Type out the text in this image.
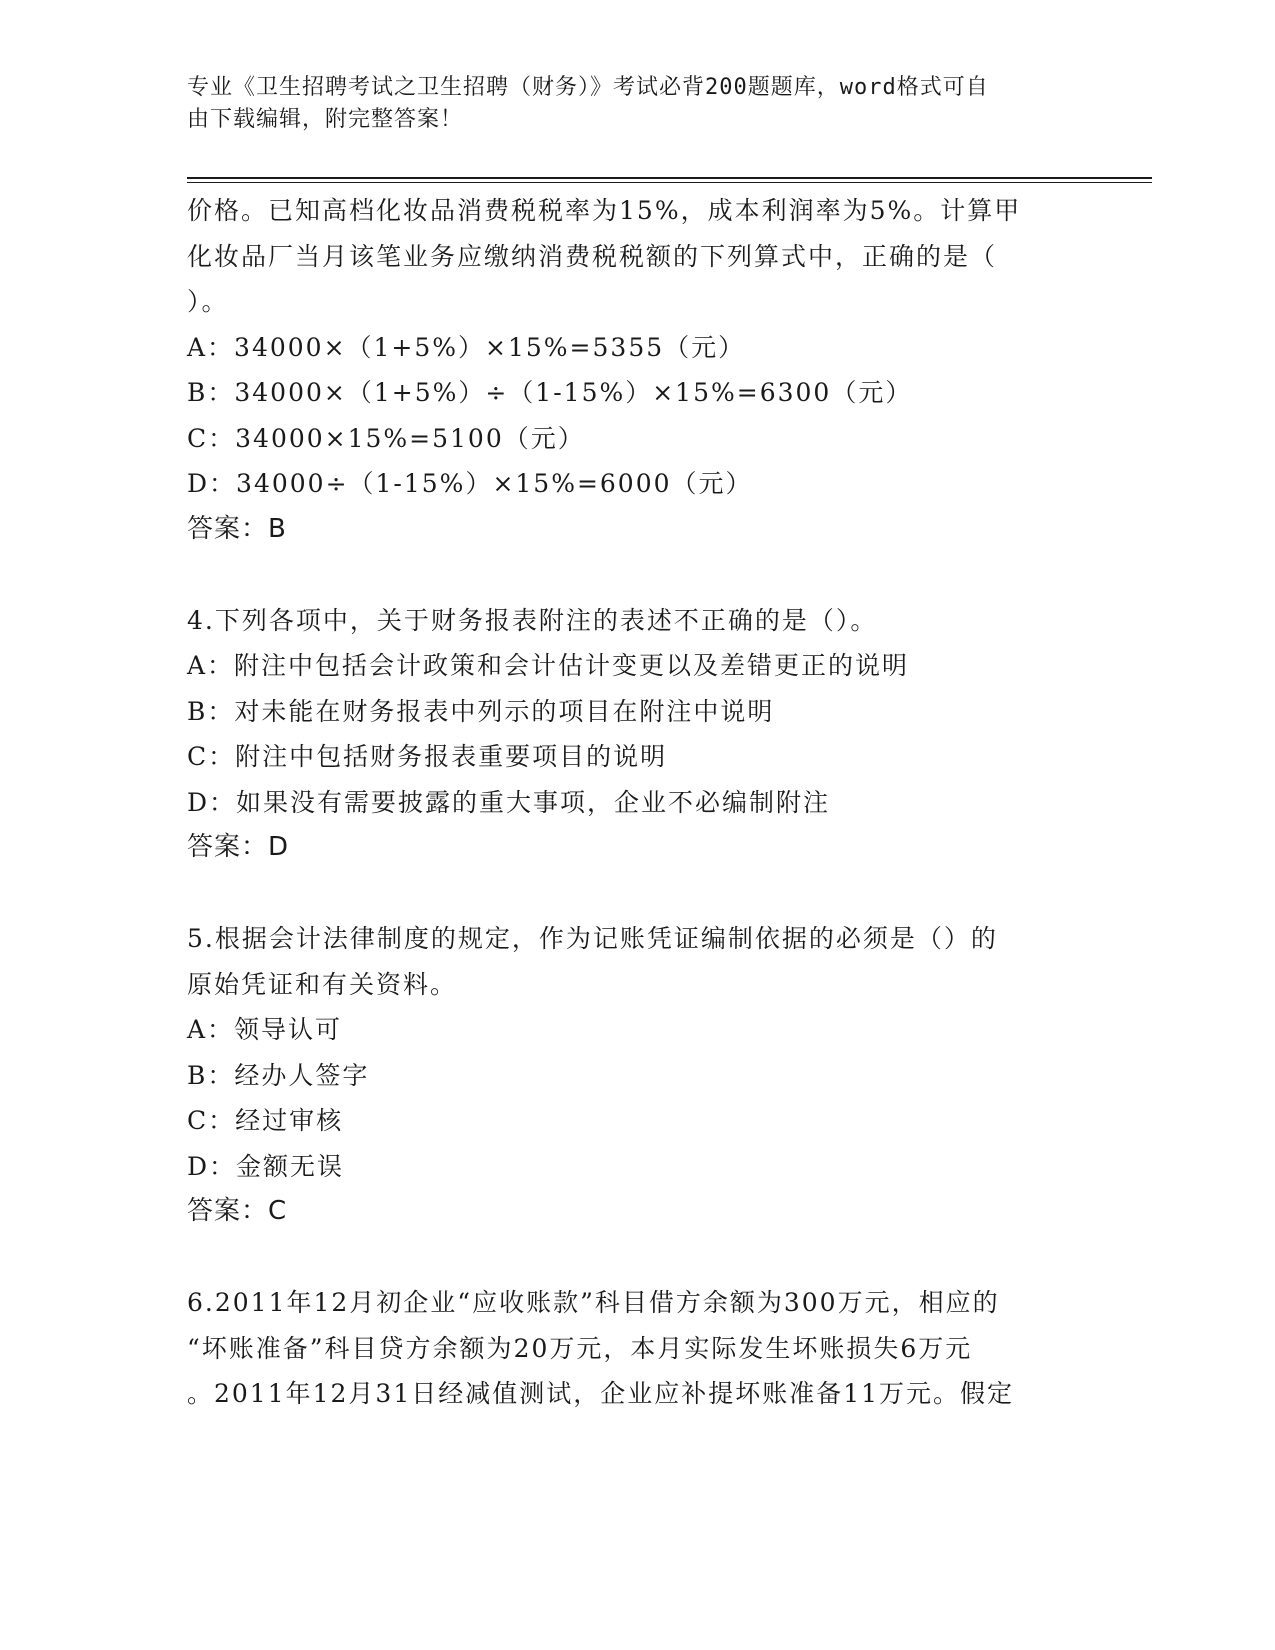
专业《卫生招聘考试之卫生招聘（财务）》考试必背200题题库，word格式可自
由下载编辑，附完整答案！
价格。已知高档化妆品消费税税率为15%，成本利润率为5%。计算甲
化妆品厂当月该笔业务应缴纳消费税税额的下列算式中，正确的是（
）。
A：34000×（1+5%）×15%=5355（元）
B：34000×（1+5%）÷（1-15%）×15%=6300（元）
C：34000×15%=5100（元）
D：34000÷（1-15%）×15%=6000（元）
答案：B
4.下列各项中，关于财务报表附注的表述不正确的是（）。
A：附注中包括会计政策和会计估计变更以及差错更正的说明
B：对未能在财务报表中列示的项目在附注中说明
C：附注中包括财务报表重要项目的说明
D：如果没有需要披露的重大事项，企业不必编制附注
答案：D
5.根据会计法律制度的规定，作为记账凭证编制依据的必须是（）的
原始凭证和有关资料。
A：领导认可
B：经办人签字
C：经过审核
D：金额无误
答案：C
6.2011年12月初企业“应收账款”科目借方余额为300万元，相应的
“坏账准备”科目贷方余额为20万元，本月实际发生坏账损失6万元
。2011年12月31日经减值测试，企业应补提坏账准备11万元。假定
